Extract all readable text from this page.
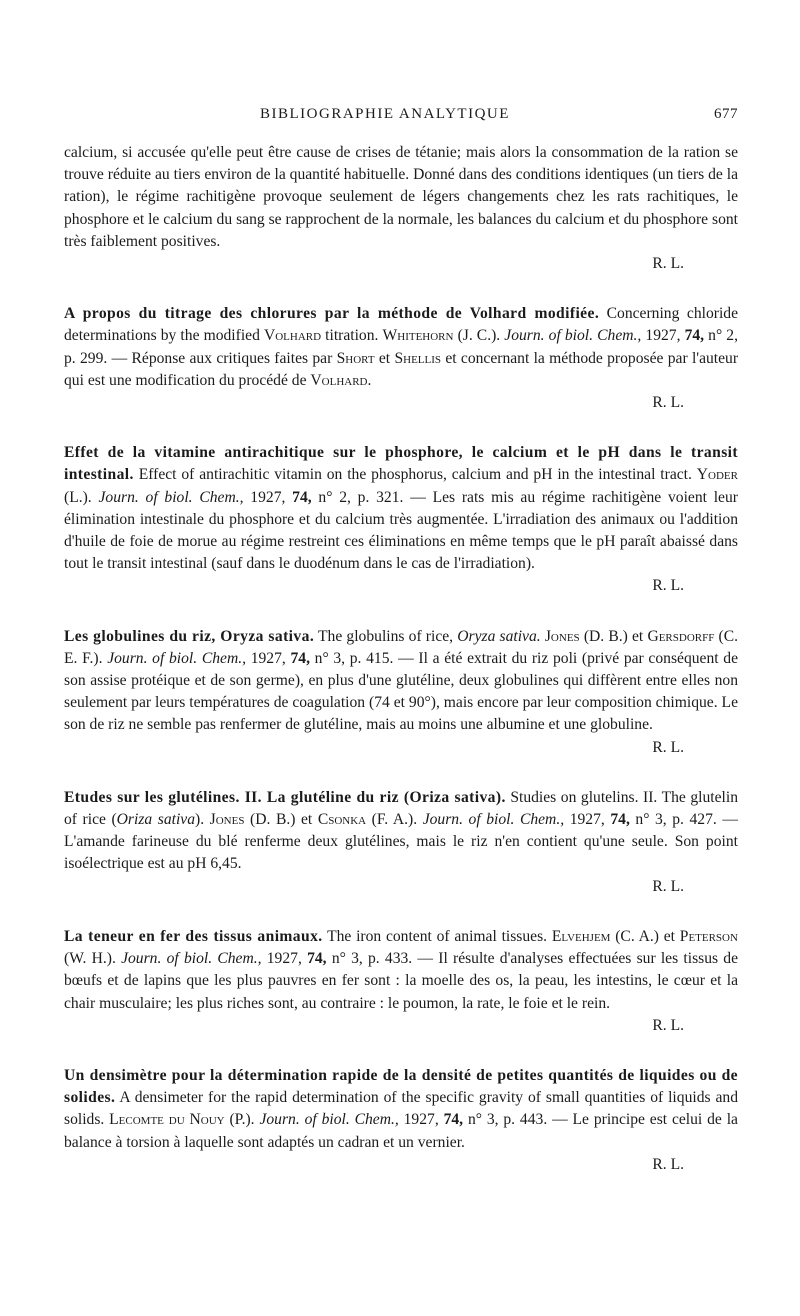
BIBLIOGRAPHIE ANALYTIQUE	677
calcium, si accusée qu'elle peut être cause de crises de tétanie; mais alors la consommation de la ration se trouve réduite au tiers environ de la quantité habituelle. Donné dans des conditions identiques (un tiers de la ration), le régime rachitigène provoque seulement de légers changements chez les rats rachitiques, le phosphore et le calcium du sang se rapprochent de la normale, les balances du calcium et du phosphore sont très faiblement positives.
R. L.
A propos du titrage des chlorures par la méthode de Volhard modifiée. Concerning chloride determinations by the modified Volhard titration. Whitehorn (J. C.). Journ. of biol. Chem., 1927, 74, n° 2, p. 299. — Réponse aux critiques faites par Short et Shellis et concernant la méthode proposée par l'auteur qui est une modification du procédé de Volhard.
R. L.
Effet de la vitamine antirachitique sur le phosphore, le calcium et le pH dans le transit intestinal. Effect of antirachitic vitamin on the phosphorus, calcium and pH in the intestinal tract. Yoder (L.). Journ. of biol. Chem., 1927, 74, n° 2, p. 321. — Les rats mis au régime rachitigène voient leur élimination intestinale du phosphore et du calcium très augmentée. L'irradiation des animaux ou l'addition d'huile de foie de morue au régime restreint ces éliminations en même temps que le pH paraît abaissé dans tout le transit intestinal (sauf dans le duodénum dans le cas de l'irradiation).
R. L.
Les globulines du riz, Oryza sativa. The globulins of rice, Oryza sativa. Jones (D. B.) et Gersdorff (C. E. F.). Journ. of biol. Chem., 1927, 74, n° 3, p. 415. — Il a été extrait du riz poli (privé par conséquent de son assise protéique et de son germe), en plus d'une glutéline, deux globulines qui diffèrent entre elles non seulement par leurs températures de coagulation (74 et 90°), mais encore par leur composition chimique. Le son de riz ne semble pas renfermer de glutéline, mais au moins une albumine et une globuline.
R. L.
Etudes sur les glutélines. II. La glutéline du riz (Oriza sativa). Studies on glutelins. II. The glutelin of rice (Oriza sativa). Jones (D. B.) et Csonka (F. A.). Journ. of biol. Chem., 1927, 74, n° 3, p. 427. — L'amande farineuse du blé renferme deux glutélines, mais le riz n'en contient qu'une seule. Son point isoélectrique est au pH 6,45.
R. L.
La teneur en fer des tissus animaux. The iron content of animal tissues. Elvehjem (C. A.) et Peterson (W. H.). Journ. of biol. Chem., 1927, 74, n° 3, p. 433. — Il résulte d'analyses effectuées sur les tissus de bœufs et de lapins que les plus pauvres en fer sont : la moelle des os, la peau, les intestins, le cœur et la chair musculaire; les plus riches sont, au contraire : le poumon, la rate, le foie et le rein.
R. L.
Un densimètre pour la détermination rapide de la densité de petites quantités de liquides ou de solides. A densimeter for the rapid determination of the specific gravity of small quantities of liquids and solids. Lecomte du Nouy (P.). Journ. of biol. Chem., 1927, 74, n° 3, p. 443. — Le principe est celui de la balance à torsion à laquelle sont adaptés un cadran et un vernier.
R. L.
